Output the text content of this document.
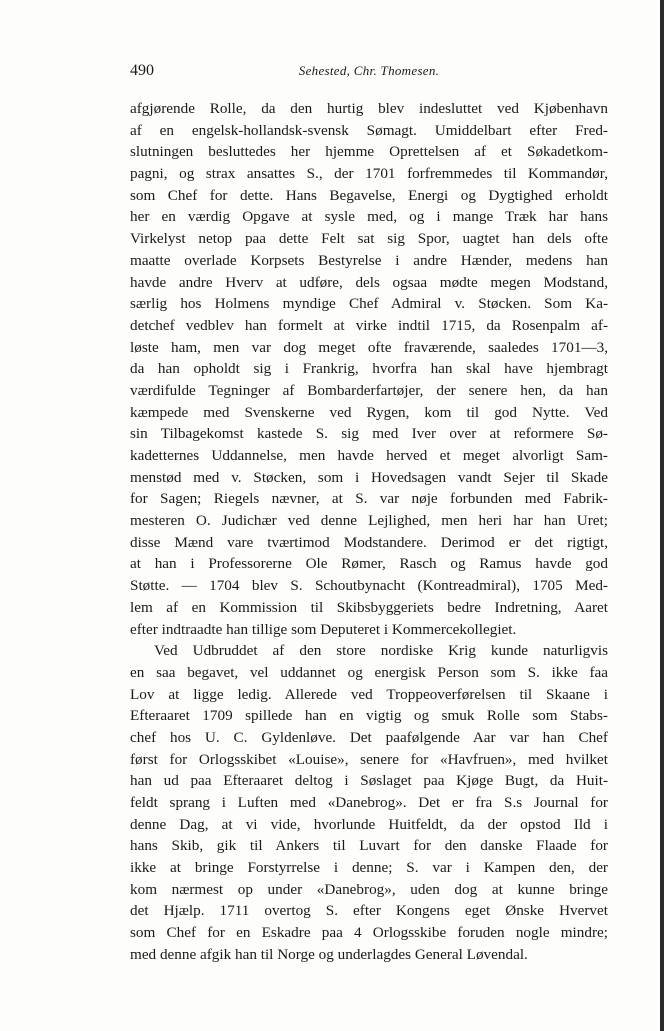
490	Sehested, Chr. Thomesen.
afgjørende Rolle, da den hurtig blev indesluttet ved Kjøbenhavn
af en engelsk-hollandsk-svensk Sømagt. Umiddelbart efter Fred-
slutningen besluttedes her hjemme Oprettelsen af et Søkadetkom-
pagni, og strax ansattes S., der 1701 forfremmedes til Kommandør,
som Chef for dette. Hans Begavelse, Energi og Dygtighed erholdt
her en værdig Opgave at sysle med, og i mange Træk har hans
Virkelyst netop paa dette Felt sat sig Spor, uagtet han dels ofte
maatte overlade Korpsets Bestyrelse i andre Hænder, medens han
havde andre Hverv at udføre, dels ogsaa mødte megen Modstand,
særlig hos Holmens myndige Chef Admiral v. Støcken. Som Ka-
detchef vedblev han formelt at virke indtil 1715, da Rosenpalm af-
løste ham, men var dog meget ofte fraværende, saaledes 1701—3,
da han opholdt sig i Frankrig, hvorfra han skal have hjembragt
værdifulde Tegninger af Bombarderfartøjer, der senere hen, da han
kæmpede med Svenskerne ved Rygen, kom til god Nytte. Ved
sin Tilbagekomst kastede S. sig med Iver over at reformere Sø-
kadetternes Uddannelse, men havde herved et meget alvorligt Sam-
menstød med v. Støcken, som i Hovedsagen vandt Sejer til Skade
for Sagen; Riegels nævner, at S. var nøje forbunden med Fabrik-
mesteren O. Judichær ved denne Lejlighed, men heri har han Uret;
disse Mænd vare tværtimod Modstandere. Derimod er det rigtigt,
at han i Professorerne Ole Rømer, Rasch og Ramus havde god
Støtte. — 1704 blev S. Schoutbynacht (Kontreadmiral), 1705 Med-
lem af en Kommission til Skibsbyggeriets bedre Indretning, Aaret
efter indtraadte han tillige som Deputeret i Kommercekollegiet.
Ved Udbruddet af den store nordiske Krig kunde naturligvis
en saa begavet, vel uddannet og energisk Person som S. ikke faa
Lov at ligge ledig. Allerede ved Troppeoverførelsen til Skaane i
Efteraaret 1709 spillede han en vigtig og smuk Rolle som Stabs-
chef hos U. C. Gyldenløve. Det paafølgende Aar var han Chef
først for Orlogsskibet «Louise», senere for «Havfruen», med hvilket
han ud paa Efteraaret deltog i Søslaget paa Kjøge Bugt, da Huit-
feldt sprang i Luften med «Danebrog». Det er fra S.s Journal for
denne Dag, at vi vide, hvorlunde Huitfeldt, da der opstod Ild i
hans Skib, gik til Ankers til Luvart for den danske Flaade for
ikke at bringe Forstyrrelse i denne; S. var i Kampen den, der
kom nærmest op under «Danebrog», uden dog at kunne bringe
det Hjælp. 1711 overtog S. efter Kongens eget Ønske Hvervet
som Chef for en Eskadre paa 4 Orlogsskibe foruden nogle mindre;
med denne afgik han til Norge og underlagdes General Løvendal.
